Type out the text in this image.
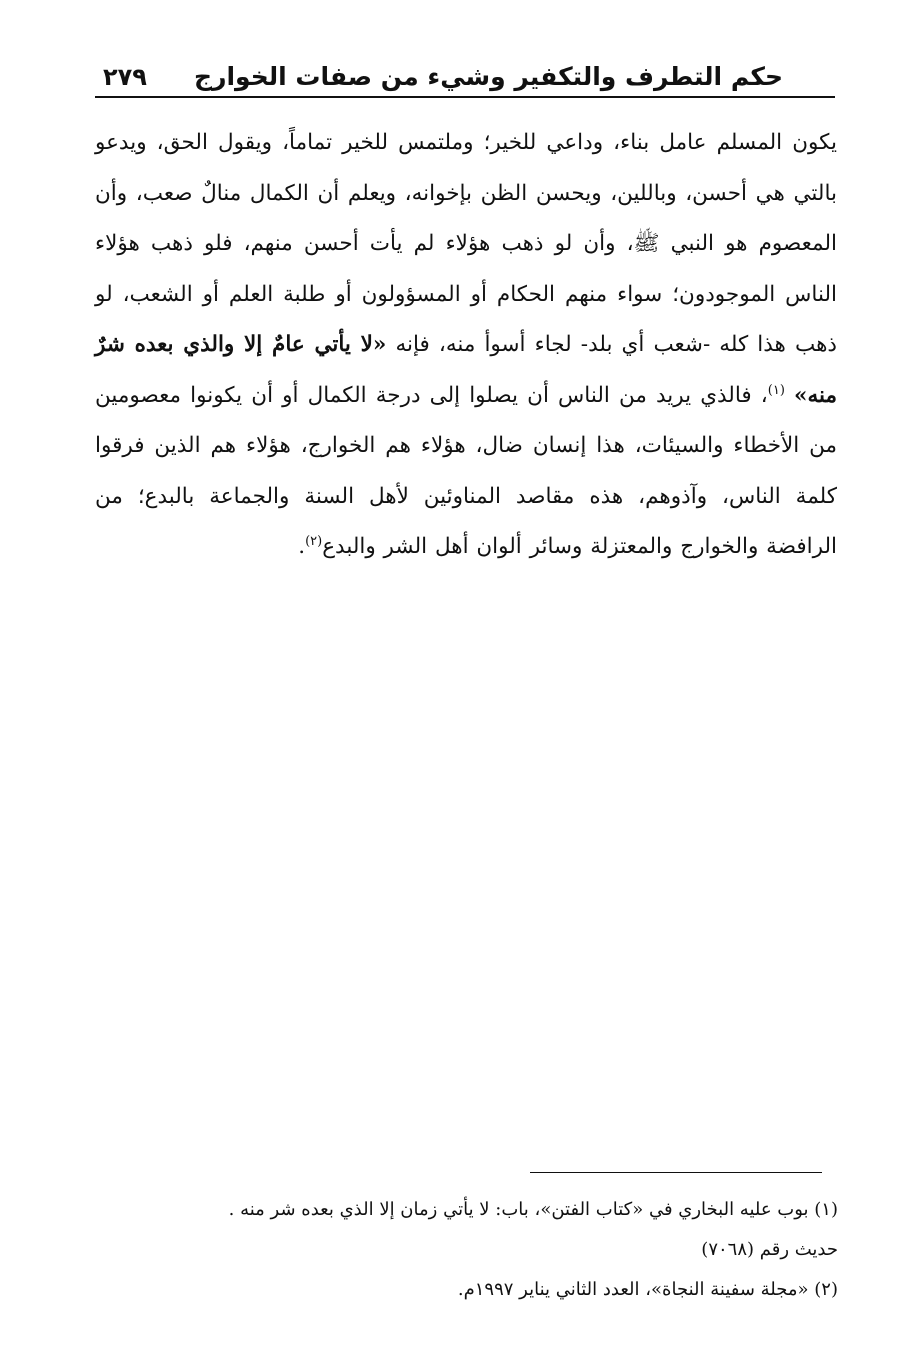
حكم التطرف والتكفير وشيء من صفات الخوارج
٢٧٩
يكون المسلم عامل بناء، وداعي للخير؛ وملتمس للخير تماماً، ويقول الحق، ويدعو بالتي هي أحسن، وباللين، ويحسن الظن بإخوانه، ويعلم أن الكمال منالٌ صعب، وأن المعصوم هو النبي ﷺ، وأن لو ذهب هؤلاء لم يأت أحسن منهم، فلو ذهب هؤلاء الناس الموجودون؛ سواء منهم الحكام أو المسؤولون أو طلبة العلم أو الشعب، لو ذهب هذا كله -شعب أي بلد- لجاء أسوأ منه، فإنه «لا يأتي عامٌ إلا والذي بعده شرٌ منه» $^{(١)}$، فالذي يريد من الناس أن يصلوا إلى درجة الكمال أو أن يكونوا معصومين من الأخطاء والسيئات، هذا إنسان ضال، هؤلاء هم الخوارج، هؤلاء هم الذين فرقوا كلمة الناس، وآذوهم، هذه مقاصد المناوئين لأهل السنة والجماعة بالبدع؛ من الرافضة والخوارج والمعتزلة وسائر ألوان أهل الشر والبدع$^{(٢)}$.
(١) بوب عليه البخاري في «كتاب الفتن»، باب: لا يأتي زمان إلا الذي بعده شر منه .
حديث رقم (٧٠٦٨)
(٢) «مجلة سفينة النجاة»، العدد الثاني يناير ١٩٩٧م.
